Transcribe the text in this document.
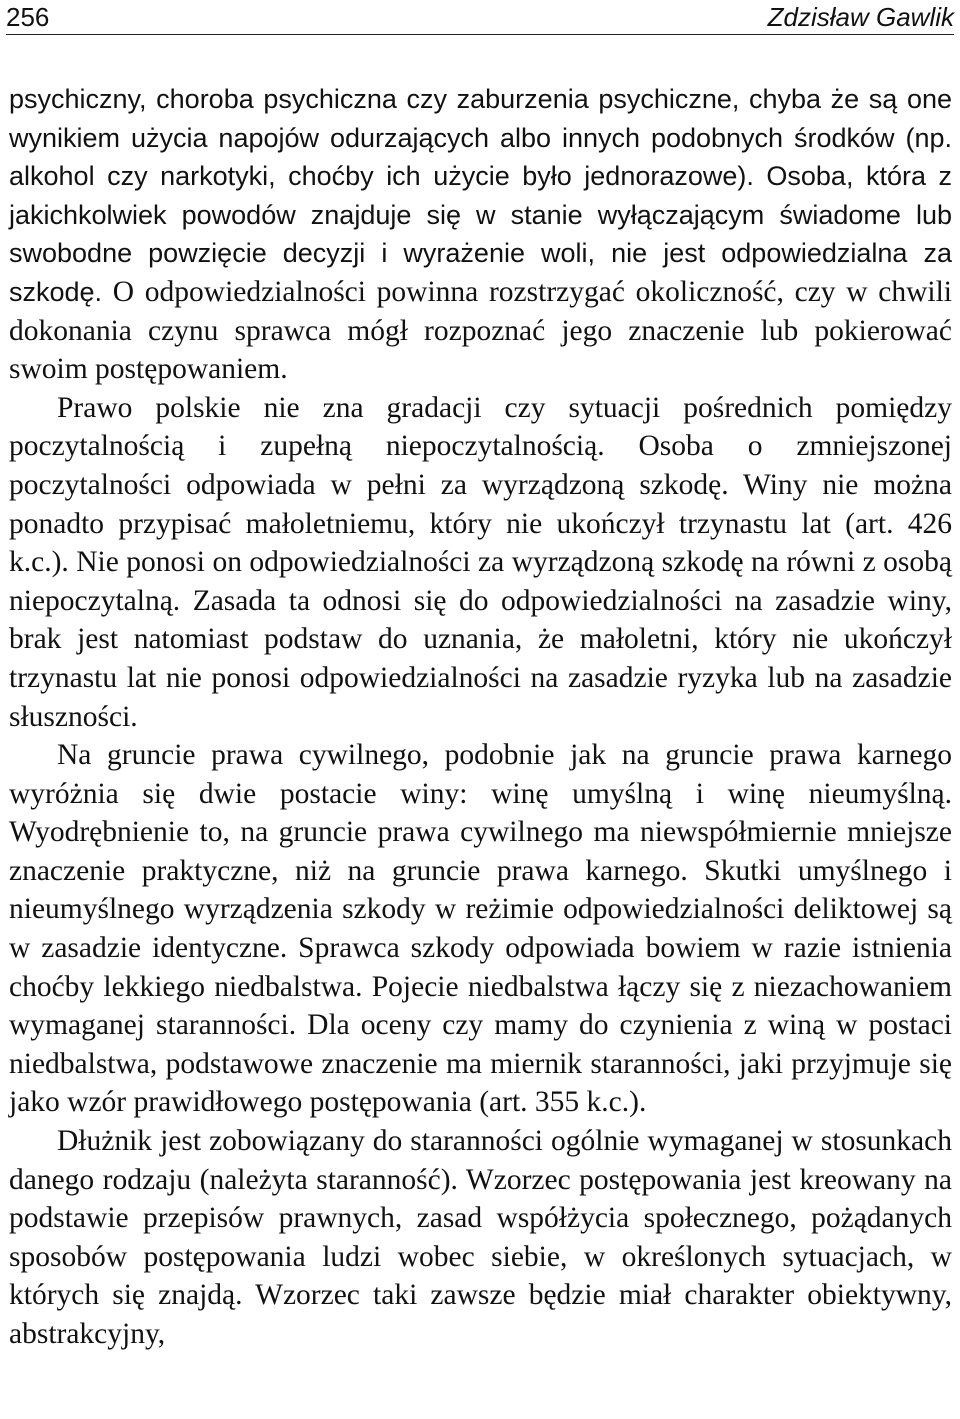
256	Zdzisław Gawlik

psychiczny, choroba psychiczna czy zaburzenia psychiczne, chyba że są one wynikiem użycia napojów odurzających albo innych podobnych środków (np. alkohol czy narkotyki, choćby ich użycie było jednorazowe). Osoba, która z jakichkolwiek powodów znajduje się w stanie wyłączającym świadome lub swobodne powzięcie decyzji i wyrażenie woli, nie jest odpowiedzialna za szkodę. O odpowiedzialności powinna rozstrzygać okoliczność, czy w chwili dokonania czynu sprawca mógł rozpoznać jego znaczenie lub pokierować swoim postępowaniem.

Prawo polskie nie zna gradacji czy sytuacji pośrednich pomiędzy poczytalnością i zupełną niepoczytalnością. Osoba o zmniejszonej poczytalności odpowiada w pełni za wyrządzoną szkodę. Winy nie można ponadto przypisać małoletniemu, który nie ukończył trzynastu lat (art. 426 k.c.). Nie ponosi on odpowiedzialności za wyrządzoną szkodę na równi z osobą niepoczytalną. Zasada ta odnosi się do odpowiedzialności na zasadzie winy, brak jest natomiast podstaw do uznania, że małoletni, który nie ukończył trzynastu lat nie ponosi odpowiedzialności na zasadzie ryzyka lub na zasadzie słuszności.

Na gruncie prawa cywilnego, podobnie jak na gruncie prawa karnego wyróżnia się dwie postacie winy: winę umyślną i winę nieumyślną. Wyodrębnienie to, na gruncie prawa cywilnego ma niewspółmiernie mniejsze znaczenie praktyczne, niż na gruncie prawa karnego. Skutki umyślnego i nieumyślnego wyrządzenia szkody w reżimie odpowiedzialności deliktowej są w zasadzie identyczne. Sprawca szkody odpowiada bowiem w razie istnienia choćby lekkiego niedbalstwa. Pojecie niedbalstwa łączy się z niezachowaniem wymaganej staranności. Dla oceny czy mamy do czynienia z winą w postaci niedbalstwa, podstawowe znaczenie ma miernik staranności, jaki przyjmuje się jako wzór prawidłowego postępowania (art. 355 k.c.).

Dłużnik jest zobowiązany do staranności ogólnie wymaganej w stosunkach danego rodzaju (należyta staranność). Wzorzec postępowania jest kreowany na podstawie przepisów prawnych, zasad współżycia społecznego, pożądanych sposobów postępowania ludzi wobec siebie, w określonych sytuacjach, w których się znajdą. Wzorzec taki zawsze będzie miał charakter obiektywny, abstrakcyjny,
